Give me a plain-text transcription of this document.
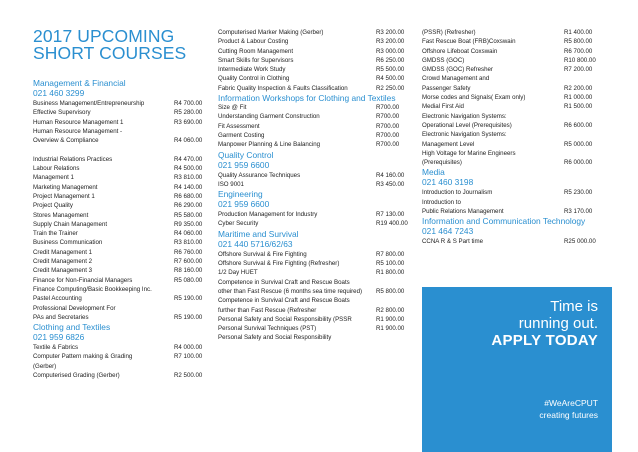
2017 UPCOMING
SHORT COURSES
Management & Financial
021 460 3299
Business Management/Entrepreneurship	R4 700.00
Effective Supervisory	R5 280.00
Human Resource Management 1	R3 690.00
Human Resource Management -
Overview & Compliance	R4 060.00
Industrial Relations Practices	R4 470.00
Labour Relations	R4 500.00
Management 1	R3 810.00
Marketing Management	R4 140.00
Project Management 1	R6 680.00
Project Quality	R6 290.00
Stores Management	R5 580.00
Supply Chain Management	R9 350.00
Train the Trainer	R4 060.00
Business Communication	R3 810.00
Credit Management 1	R6 760.00
Credit Management 2	R7 600.00
Credit Management 3	R8 160.00
Finance for Non-Financial Managers	R5 080.00
Finance Computing/Basic Bookkeeping Inc.
Pastel Accounting	R5 190.00
Professional Development For
PAs and Secretaries	R5 190.00
Clothing and Textiles
021 959 6826
Textile & Fabrics	R4 000.00
Computer Pattern making & Grading	R7 100.00
(Gerber)
Computerised Grading (Gerber)	R2 500.00
Computerised Marker Making (Gerber)	R3 200.00
Product & Labour Costing	R3 200.00
Cutting Room Management	R3 000.00
Smart Skills for Supervisors	R6 250.00
Intermediate Work Study	R5 500.00
Quality Control in Clothing	R4 500.00
Fabric Quality Inspection & Faults Classification	R2 250.00
Information Workshops for Clothing and Textiles
Size @ Fit	R700.00
Understanding Garment Construction	R700.00
Fit Assessment	R700.00
Garment Costing	R700.00
Manpower Planning & Line Balancing	R700.00
Quality Control
021 959 6600
Quality Assurance Techniques	R4 160.00
ISO 9001	R3 450.00
Engineering
021 959 6600
Production Management for Industry	R7 130.00
Cyber Security	R19 400.00
Maritime and Survival
021 440 5716/62/63
Offshore Survival & Fire Fighting	R7 800.00
Offshore Survival & Fire Fighting (Refresher)	R5 100.00
1/2 Day HUET	R1 800.00
Competence in Survival Craft and Rescue Boats
other than Fast Rescue (6 months sea time required)	R5 800.00
Competence in Survival Craft and Rescue Boats
further than Fast Rescue (Refresher	R2 800.00
Personal Safety and Social Responsibility (PSSR	R1 900.00
Personal Survival Techniques (PST)	R1 900.00
Personal Safety and Social Responsibility
(PSSR) (Refresher)	R1 400.00
Fast Rescue Boat (FRB)Coxswain	R5 800.00
Offshore Lifeboat Coxswain	R6 700.00
GMDSS (GOC)	R10 800.00
GMDSS (GOC) Refresher	R7 200.00
Crowd Management and
Passenger Safety	R2 200.00
Morse codes and Signals( Exam only)	R1 000.00
Medial First Aid	R1 500.00
Electronic Navigation Systems:
Operational Level (Prerequisites)	R6 600.00
Electronic Navigation Systems:
Management Level	R5 000.00
High Voltage for Marine Engineers
(Prerequisites)	R6 000.00
Media
021 460 3198
Introduction to Journalism	R5 230.00
Introduction to
Public Relations Management	R3 170.00
Information and Communication Technology
021 464 7243
CCNA R & S Part time	R25 000.00
Time is
running out.
APPLY TODAY
#WeAreCPUT
creating futures
